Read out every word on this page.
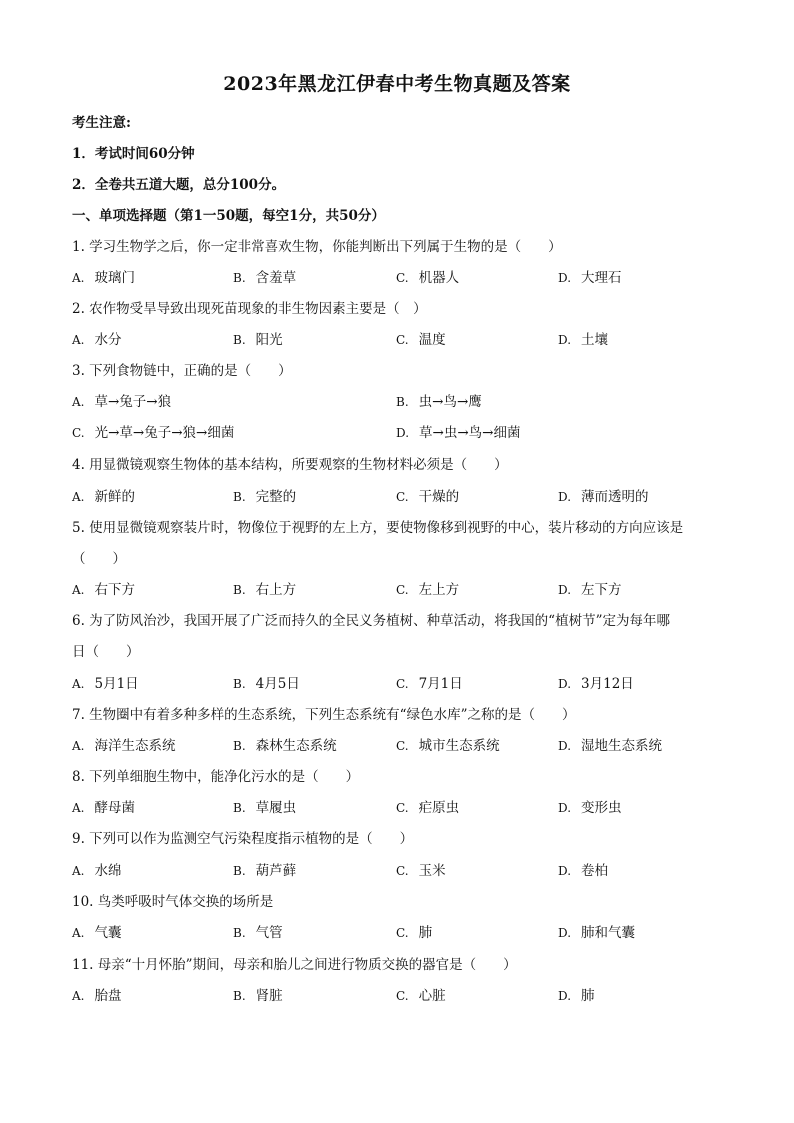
2023年黑龙江伊春中考生物真题及答案
考生注意:
1．考试时间60分钟
2．全卷共五道大题，总分100分。
一、单项选择题（第1一50题，每空1分，共50分）
1. 学习生物学之后，你一定非常喜欢生物，你能判断出下列属于生物的是（　　）
A. 玻璃门	B. 含羞草	C. 机器人	D. 大理石
2. 农作物受旱导致出现死苗现象的非生物因素主要是（　）
A. 水分	B. 阳光	C. 温度	D. 土壤
3. 下列食物链中，正确的是（　　）
A. 草→兔子→狼	B. 虫→鸟→鹰
C. 光→草→兔子→狼→细菌	D. 草→虫→鸟→细菌
4. 用显微镜观察生物体的基本结构，所要观察的生物材料必须是（　　）
A. 新鲜的	B. 完整的	C. 干燥的	D. 薄而透明的
5. 使用显微镜观察装片时，物像位于视野的左上方，要使物像移到视野的中心，装片移动的方向应该是
（　　）
A. 右下方	B. 右上方	C. 左上方	D. 左下方
6. 为了防风治沙，我国开展了广泛而持久的全民义务植树、种草活动，将我国的“植树节”定为每年哪
日（　　）
A. 5月1日	B. 4月5日	C. 7月1日	D. 3月12日
7. 生物圈中有着多种多样的生态系统，下列生态系统有“绿色水库”之称的是（　　）
A. 海洋生态系统	B. 森林生态系统	C. 城市生态系统	D. 湿地生态系统
8. 下列单细胞生物中，能净化污水的是（　　）
A. 酵母菌	B. 草履虫	C. 疟原虫	D. 变形虫
9. 下列可以作为监测空气污染程度指示植物的是（　　）
A. 水绵	B. 葫芦藓	C. 玉米	D. 卷柏
10. 鸟类呼吸时气体交换的场所是
A. 气囊	B. 气管	C. 肺	D. 肺和气囊
11. 母亲“十月怀胎”期间，母亲和胎儿之间进行物质交换的器官是（　　）
A. 胎盘	B. 肾脏	C. 心脏	D. 肺
